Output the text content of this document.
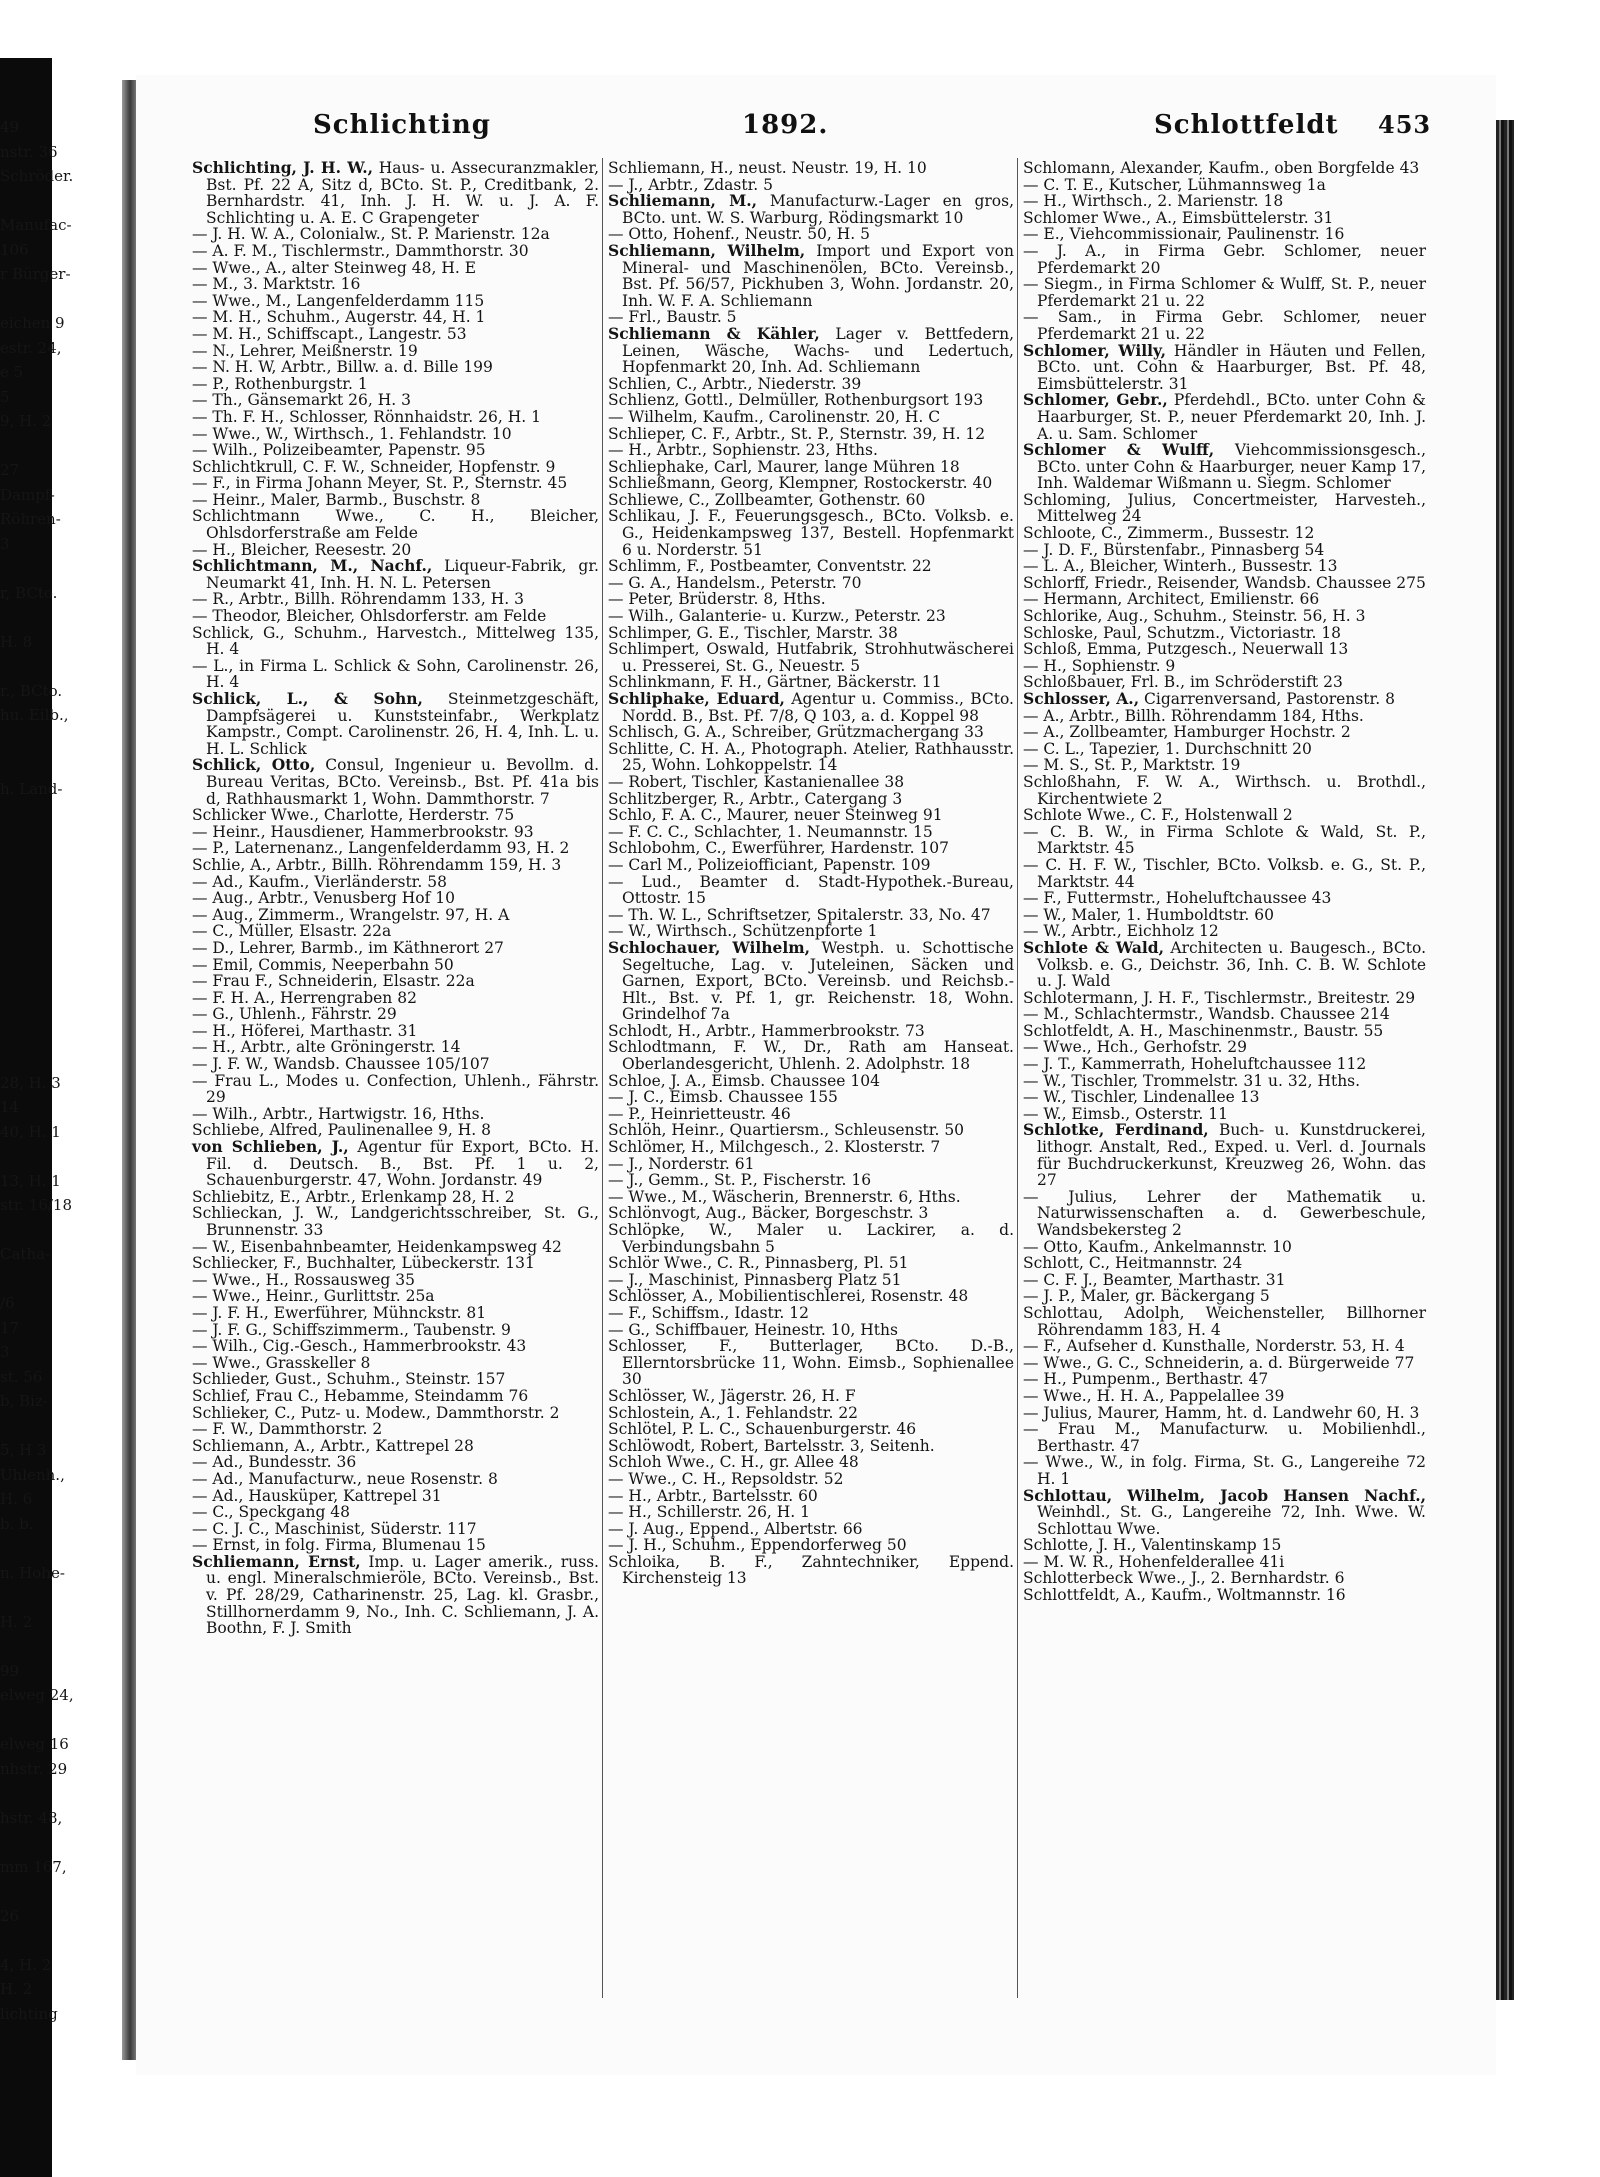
49
nstr. 36
Schröder.
Manufac-
106
r Bürger-
eichen 9
estr. 24,
e 5
5
9, H. 2
27
Dampf-
Röhren-
3
r, BCto.
H. 8
r., BCto.
hu. Eilb.,
h. Land-
28, H. 3
14
40, H. 1
13, H. 1
str. 16/18
Catha-
/6
17
3
st. 56
b, Biz-
5, H 3
Uhlenh.,
H. 6
b. b.
n. Hohe-
H. 2
99
elweg 24,
elweg 16
nhstr. 29
hstr. 48,
mm 167,
26
4, H. 2
H. 2
lichting
Schlichting	1892.	Schlottfeldt 453

Schlichting, J. H. W., Haus- u. Assecuranzmakler, Bst. Pf. 22 A, Sitz d, BCto. St. P., Creditbank, 2. Bernhardstr. 41, Inh. J. H. W. u. J. A. F. Schlichting u. A. E. C Grapengeter

— J. H. W. A., Colonialw., St. P. Marienstr. 12a

— A. F. M., Tischlermstr., Dammthorstr. 30

— Wwe., A., alter Steinweg 48, H. E

— M., 3. Marktstr. 16

— Wwe., M., Langenfelderdamm 115

— M. H., Schuhm., Augerstr. 44, H. 1

— M. H., Schiffscapt., Langestr. 53

— N., Lehrer, Meißnerstr. 19

— N. H. W, Arbtr., Billw. a. d. Bille 199

— P., Rothenburgstr. 1

— Th., Gänsemarkt 26, H. 3

— Th. F. H., Schlosser, Rönnhaidstr. 26, H. 1

— Wwe., W., Wirthsch., 1. Fehlandstr. 10

— Wilh., Polizeibeamter, Papenstr. 95

Schlichtkrull, C. F. W., Schneider, Hopfenstr. 9

— F., in Firma Johann Meyer, St. P., Sternstr. 45

— Heinr., Maler, Barmb., Buschstr. 8

Schlichtmann Wwe., C. H., Bleicher, Ohlsdorferstraße am Felde

— H., Bleicher, Reesestr. 20

Schlichtmann, M., Nachf., Liqueur-Fabrik, gr. Neumarkt 41, Inh. H. N. L. Petersen

— R., Arbtr., Billh. Röhrendamm 133, H. 3

— Theodor, Bleicher, Ohlsdorferstr. am Felde

Schlick, G., Schuhm., Harvestch., Mittelweg 135, H. 4

— L., in Firma L. Schlick & Sohn, Carolinenstr. 26, H. 4

Schlick, L., & Sohn, Steinmetzgeschäft, Dampfsägerei u. Kunststeinfabr., Werkplatz Kampstr., Compt. Carolinenstr. 26, H. 4, Inh. L. u. H. L. Schlick

Schlick, Otto, Consul, Ingenieur u. Bevollm. d. Bureau Veritas, BCto. Vereinsb., Bst. Pf. 41a bis d, Rathhausmarkt 1, Wohn. Dammthorstr. 7

Schlicker Wwe., Charlotte, Herderstr. 75

— Heinr., Hausdiener, Hammerbrookstr. 93

— P., Laternenanz., Langenfelderdamm 93, H. 2

Schlie, A., Arbtr., Billh. Röhrendamm 159, H. 3

— Ad., Kaufm., Vierländerstr. 58

— Aug., Arbtr., Venusberg Hof 10

— Aug., Zimmerm., Wrangelstr. 97, H. A

— C., Müller, Elsastr. 22a

— D., Lehrer, Barmb., im Käthnerort 27

— Emil, Commis, Neeperbahn 50

— Frau F., Schneiderin, Elsastr. 22a

— F. H. A., Herrengraben 82

— G., Uhlenh., Fährstr. 29

— H., Höferei, Marthastr. 31

— H., Arbtr., alte Gröningerstr. 14

— J. F. W., Wandsb. Chaussee 105/107

— Frau L., Modes u. Confection, Uhlenh., Fährstr. 29

— Wilh., Arbtr., Hartwigstr. 16, Hths.

Schliebe, Alfred, Paulinenallee 9, H. 8

von Schlieben, J., Agentur für Export, BCto. H. Fil. d. Deutsch. B., Bst. Pf. 1 u. 2, Schauenburgerstr. 47, Wohn. Jordanstr. 49

Schliebitz, E., Arbtr., Erlenkamp 28, H. 2

Schlieckan, J. W., Landgerichtsschreiber, St. G., Brunnenstr. 33

— W., Eisenbahnbeamter, Heidenkampsweg 42

Schliecker, F., Buchhalter, Lübeckerstr. 131

— Wwe., H., Rossausweg 35

— Wwe., Heinr., Gurlittstr. 25a

— J. F. H., Ewerführer, Mühnckstr. 81

— J. F. G., Schiffszimmerm., Taubenstr. 9

— Wilh., Cig.-Gesch., Hammerbrookstr. 43

— Wwe., Grasskeller 8

Schlieder, Gust., Schuhm., Steinstr. 157

Schlief, Frau C., Hebamme, Steindamm 76

Schlieker, C., Putz- u. Modew., Dammthorstr. 2

— F. W., Dammthorstr. 2

Schliemann, A., Arbtr., Kattrepel 28

— Ad., Bundesstr. 36

— Ad., Manufacturw., neue Rosenstr. 8

— Ad., Hausküper, Kattrepel 31

— C., Speckgang 48

— C. J. C., Maschinist, Süderstr. 117

— Ernst, in folg. Firma, Blumenau 15

Schliemann, Ernst, Imp. u. Lager amerik., russ. u. engl. Mineralschmieröle, BCto. Vereinsb., Bst. v. Pf. 28/29, Catharinenstr. 25, Lag. kl. Grasbr., Stillhornerdamm 9, No., Inh. C. Schliemann, J. A. Boothn, F. J. Smith

Schliemann, H., neust. Neustr. 19, H. 10

— J., Arbtr., Zdastr. 5

Schliemann, M., Manufacturw.-Lager en gros, BCto. unt. W. S. Warburg, Rödingsmarkt 10

— Otto, Hohenf., Neustr. 50, H. 5

Schliemann, Wilhelm, Import und Export von Mineral- und Maschinenölen, BCto. Vereinsb., Bst. Pf. 56/57, Pickhuben 3, Wohn. Jordanstr. 20, Inh. W. F. A. Schliemann

— Frl., Baustr. 5

Schliemann & Kähler, Lager v. Bettfedern, Leinen, Wäsche, Wachs- und Ledertuch, Hopfenmarkt 20, Inh. Ad. Schliemann

Schlien, C., Arbtr., Niederstr. 39

Schlienz, Gottl., Delmüller, Rothenburgsort 193

— Wilhelm, Kaufm., Carolinenstr. 20, H. C

Schlieper, C. F., Arbtr., St. P., Sternstr. 39, H. 12

— H., Arbtr., Sophienstr. 23, Hths.

Schliephake, Carl, Maurer, lange Mühren 18

Schließmann, Georg, Klempner, Rostockerstr. 40

Schliewe, C., Zollbeamter, Gothenstr. 60

Schlikau, J. F., Feuerungsgesch., BCto. Volksb. e. G., Heidenkampsweg 137, Bestell. Hopfenmarkt 6 u. Norderstr. 51

Schlimm, F., Postbeamter, Conventstr. 22

— G. A., Handelsm., Peterstr. 70

— Peter, Brüderstr. 8, Hths.

— Wilh., Galanterie- u. Kurzw., Peterstr. 23

Schlimper, G. E., Tischler, Marstr. 38

Schlimpert, Oswald, Hutfabrik, Strohhutwäscherei u. Presserei, St. G., Neuestr. 5

Schlinkmann, F. H., Gärtner, Bäckerstr. 11

Schliphake, Eduard, Agentur u. Commiss., BCto. Nordd. B., Bst. Pf. 7/8, Q 103, a. d. Koppel 98

Schlisch, G. A., Schreiber, Grützmachergang 33

Schlitte, C. H. A., Photograph. Atelier, Rathhausstr. 25, Wohn. Lohkoppelstr. 14

— Robert, Tischler, Kastanienallee 38

Schlitzberger, R., Arbtr., Catergang 3

Schlo, F. A. C., Maurer, neuer Steinweg 91

— F. C. C., Schlachter, 1. Neumannstr. 15

Schlobohm, C., Ewerführer, Hardenstr. 107

— Carl M., Polizeiofficiant, Papenstr. 109

— Lud., Beamter d. Stadt-Hypothek.-Bureau, Ottostr. 15

— Th. W. L., Schriftsetzer, Spitalerstr. 33, No. 47

— W., Wirthsch., Schützenpforte 1

Schlochauer, Wilhelm, Westph. u. Schottische Segeltuche, Lag. v. Juteleinen, Säcken und Garnen, Export, BCto. Vereinsb. und Reichsb.-Hlt., Bst. v. Pf. 1, gr. Reichenstr. 18, Wohn. Grindelhof 7a

Schlodt, H., Arbtr., Hammerbrookstr. 73

Schlodtmann, F. W., Dr., Rath am Hanseat. Oberlandesgericht, Uhlenh. 2. Adolphstr. 18

Schloe, J. A., Eimsb. Chaussee 104

— J. C., Eimsb. Chaussee 155

— P., Heinrietteustr. 46

Schlöh, Heinr., Quartiersm., Schleusenstr. 50

Schlömer, H., Milchgesch., 2. Klosterstr. 7

— J., Norderstr. 61

— J., Gemm., St. P., Fischerstr. 16

— Wwe., M., Wäscherin, Brennerstr. 6, Hths.

Schlönvogt, Aug., Bäcker, Borgeschstr. 3

Schlöpke, W., Maler u. Lackirer, a. d. Verbindungsbahn 5

Schlör Wwe., C. R., Pinnasberg, Pl. 51

— J., Maschinist, Pinnasberg Platz 51

Schlösser, A., Mobilientischlerei, Rosenstr. 48

— F., Schiffsm., Idastr. 12

— G., Schiffbauer, Heinestr. 10, Hths

Schlosser, F., Butterlager, BCto. D.-B., Ellerntorsbrücke 11, Wohn. Eimsb., Sophienallee 30

Schlösser, W., Jägerstr. 26, H. F

Schlostein, A., 1. Fehlandstr. 22

Schlötel, P. L. C., Schauenburgerstr. 46

Schlöwodt, Robert, Bartelsstr. 3, Seitenh.

Schloh Wwe., C. H., gr. Allee 48

— Wwe., C. H., Repsoldstr. 52

— H., Arbtr., Bartelsstr. 60

— H., Schillerstr. 26, H. 1

— J. Aug., Eppend., Albertstr. 66

— J. H., Schuhm., Eppendorferweg 50

Schloika, B. F., Zahntechniker, Eppend. Kirchensteig 13

Schlomann, Alexander, Kaufm., oben Borgfelde 43

— C. T. E., Kutscher, Lühmannsweg 1a

— H., Wirthsch., 2. Marienstr. 18

Schlomer Wwe., A., Eimsbüttelerstr. 31

— E., Viehcommissionair, Paulinenstr. 16

— J. A., in Firma Gebr. Schlomer, neuer Pferdemarkt 20

— Siegm., in Firma Schlomer & Wulff, St. P., neuer Pferdemarkt 21 u. 22

— Sam., in Firma Gebr. Schlomer, neuer Pferdemarkt 21 u. 22

Schlomer, Willy, Händler in Häuten und Fellen, BCto. unt. Cohn & Haarburger, Bst. Pf. 48, Eimsbüttelerstr. 31

Schlomer, Gebr., Pferdehdl., BCto. unter Cohn & Haarburger, St. P., neuer Pferdemarkt 20, Inh. J. A. u. Sam. Schlomer

Schlomer & Wulff, Viehcommissionsgesch., BCto. unter Cohn & Haarburger, neuer Kamp 17, Inh. Waldemar Wißmann u. Siegm. Schlomer

Schloming, Julius, Concertmeister, Harvesteh., Mittelweg 24

Schloote, C., Zimmerm., Bussestr. 12

— J. D. F., Bürstenfabr., Pinnasberg 54

— L. A., Bleicher, Winterh., Bussestr. 13

Schlorff, Friedr., Reisender, Wandsb. Chaussee 275

— Hermann, Architect, Emilienstr. 66

Schlorike, Aug., Schuhm., Steinstr. 56, H. 3

Schloske, Paul, Schutzm., Victoriastr. 18

Schloß, Emma, Putzgesch., Neuerwall 13

— H., Sophienstr. 9

Schloßbauer, Frl. B., im Schröderstift 23

Schlosser, A., Cigarrenversand, Pastorenstr. 8

— A., Arbtr., Billh. Röhrendamm 184, Hths.

— A., Zollbeamter, Hamburger Hochstr. 2

— C. L., Tapezier, 1. Durchschnitt 20

— M. S., St. P., Marktstr. 19

Schloßhahn, F. W. A., Wirthsch. u. Brothdl., Kirchentwiete 2

Schlote Wwe., C. F., Holstenwall 2

— C. B. W., in Firma Schlote & Wald, St. P., Marktstr. 45

— C. H. F. W., Tischler, BCto. Volksb. e. G., St. P., Marktstr. 44

— F., Futtermstr., Hoheluftchaussee 43

— W., Maler, 1. Humboldtstr. 60

— W., Arbtr., Eichholz 12

Schlote & Wald, Architecten u. Baugesch., BCto. Volksb. e. G., Deichstr. 36, Inh. C. B. W. Schlote u. J. Wald

Schlotermann, J. H. F., Tischlermstr., Breitestr. 29

— M., Schlachtermstr., Wandsb. Chaussee 214

Schlotfeldt, A. H., Maschinenmstr., Baustr. 55

— Wwe., Hch., Gerhofstr. 29

— J. T., Kammerrath, Hoheluftchaussee 112

— W., Tischler, Trommelstr. 31 u. 32, Hths.

— W., Tischler, Lindenallee 13

— W., Eimsb., Osterstr. 11

Schlotke, Ferdinand, Buch- u. Kunstdruckerei, lithogr. Anstalt, Red., Exped. u. Verl. d. Journals für Buchdruckerkunst, Kreuzweg 26, Wohn. das 27

— Julius, Lehrer der Mathematik u. Naturwissenschaften a. d. Gewerbeschule, Wandsbekersteg 2

— Otto, Kaufm., Ankelmannstr. 10

Schlott, C., Heitmannstr. 24

— C. F. J., Beamter, Marthastr. 31

— J. P., Maler, gr. Bäckergang 5

Schlottau, Adolph, Weichensteller, Billhorner Röhrendamm 183, H. 4

— F., Aufseher d. Kunsthalle, Norderstr. 53, H. 4

— Wwe., G. C., Schneiderin, a. d. Bürgerweide 77

— H., Pumpenm., Berthastr. 47

— Wwe., H. H. A., Pappelallee 39

— Julius, Maurer, Hamm, ht. d. Landwehr 60, H. 3

— Frau M., Manufacturw. u. Mobilienhdl., Berthastr. 47

— Wwe., W., in folg. Firma, St. G., Langereihe 72 H. 1

Schlottau, Wilhelm, Jacob Hansen Nachf., Weinhdl., St. G., Langereihe 72, Inh. Wwe. W. Schlottau Wwe.

Schlotte, J. H., Valentinskamp 15

— M. W. R., Hohenfelderallee 41i

Schlotterbeck Wwe., J., 2. Bernhardstr. 6

Schlottfeldt, A., Kaufm., Woltmannstr. 16
